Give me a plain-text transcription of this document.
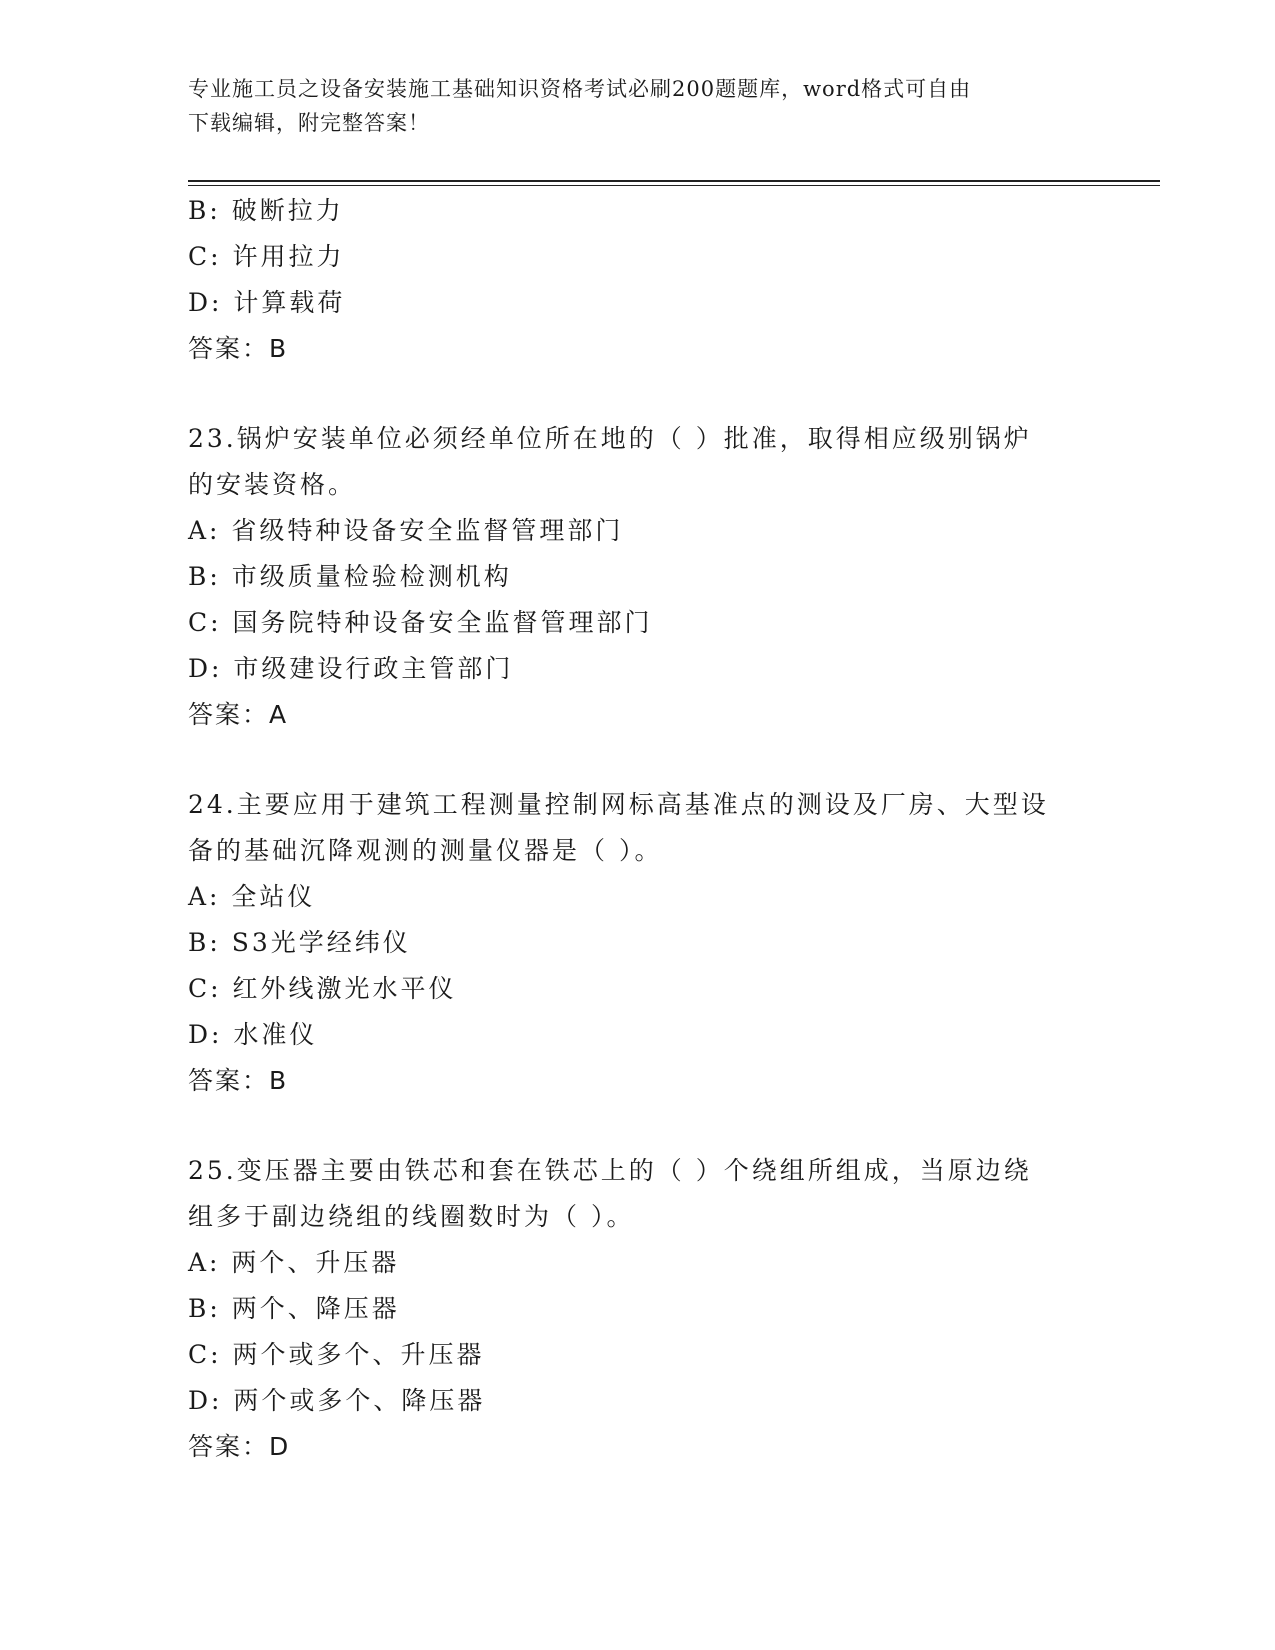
专业施工员之设备安装施工基础知识资格考试必刷200题题库，word格式可自由
下载编辑，附完整答案！
B: 破断拉力
C: 许用拉力
D: 计算载荷
答案：B
23.锅炉安装单位必须经单位所在地的（ ）批准，取得相应级别锅炉
的安装资格。
A: 省级特种设备安全监督管理部门
B: 市级质量检验检测机构
C: 国务院特种设备安全监督管理部门
D: 市级建设行政主管部门
答案：A
24.主要应用于建筑工程测量控制网标高基准点的测设及厂房、大型设
备的基础沉降观测的测量仪器是（ ）。
A: 全站仪
B: S3光学经纬仪
C: 红外线激光水平仪
D: 水准仪
答案：B
25.变压器主要由铁芯和套在铁芯上的（ ）个绕组所组成，当原边绕
组多于副边绕组的线圈数时为（ ）。
A: 两个、升压器
B: 两个、降压器
C: 两个或多个、升压器
D: 两个或多个、降压器
答案：D
